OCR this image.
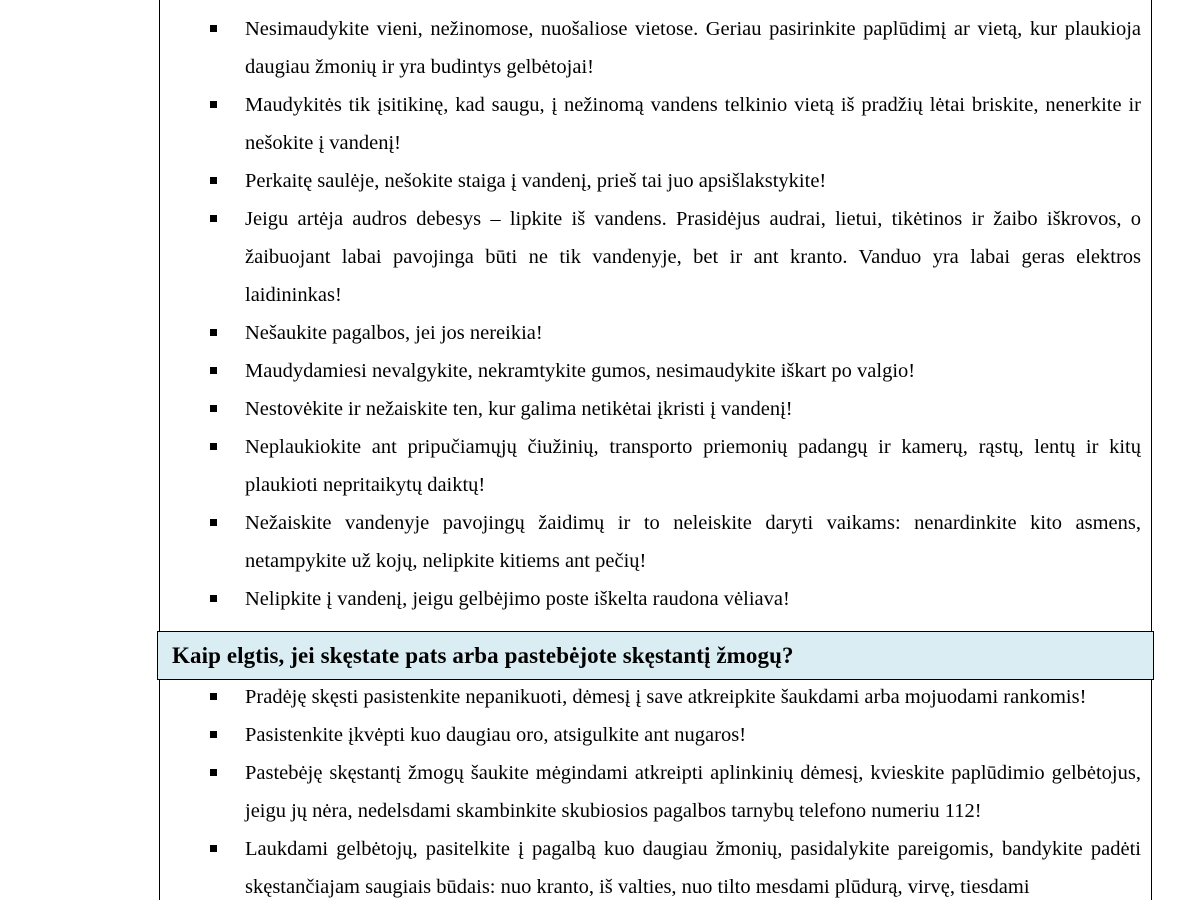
Nesimaudykite vieni, nežinomose, nuošaliose vietose. Geriau pasirinkite paplūdimį ar vietą, kur plaukioja daugiau žmonių ir yra budintys gelbėtojai!
Maudykitės tik įsitikinę, kad saugu, į nežinomą vandens telkinio vietą iš pradžių lėtai briskite, nenerkite ir nešokite į vandenį!
Perkaitę saulėje, nešokite staiga į vandenį, prieš tai juo apsišlakstykite!
Jeigu artėja audros debesys – lipkite iš vandens. Prasidėjus audrai, lietui, tikėtinos ir žaibo iškrovos, o žaibuojant labai pavojinga būti ne tik vandenyje, bet ir ant kranto. Vanduo yra labai geras elektros laidininkas!
Nešaukite pagalbos, jei jos nereikia!
Maudydamiesi nevalgykite, nekramtykite gumos, nesimaudykite iškart po valgio!
Nestovėkite ir nežaiskite ten, kur galima netikėtai įkristi į vandenį!
Neplaukiokite ant pripučiamųjų čiužinių, transporto priemonių padangų ir kamerų, rąstų, lentų ir kitų plaukioti nepritaikytų daiktų!
Nežaiskite vandenyje pavojingų žaidimų ir to neleiskite daryti vaikams: nenardinkite kito asmens, netampykite už kojų, nelipkite kitiems ant pečių!
Nelipkite į vandenį, jeigu gelbėjimo poste iškelta raudona vėliava!
Kaip elgtis, jei skęstate pats arba pastebėjote skęstantį žmogų?
Pradėję skęsti pasistenkite nepanikuoti, dėmesį į save atkreipkite šaukdami arba mojuodami rankomis!
Pasistenkite įkvėpti kuo daugiau oro, atsigulkite ant nugaros!
Pastebėję skęstantį žmogų šaukite mėgindami atkreipti aplinkinių dėmesį, kvieskite paplūdimio gelbėtojus, jeigu jų nėra, nedelsdami skambinkite skubiosios pagalbos tarnybų telefono numeriu 112!
Laukdami gelbėtojų, pasitelkite į pagalbą kuo daugiau žmonių, pasidalykite pareigomis, bandykite padėti skęstančiajam saugiais būdais: nuo kranto, iš valties, nuo tilto mesdami plūdurą, virvę, tiesdami
